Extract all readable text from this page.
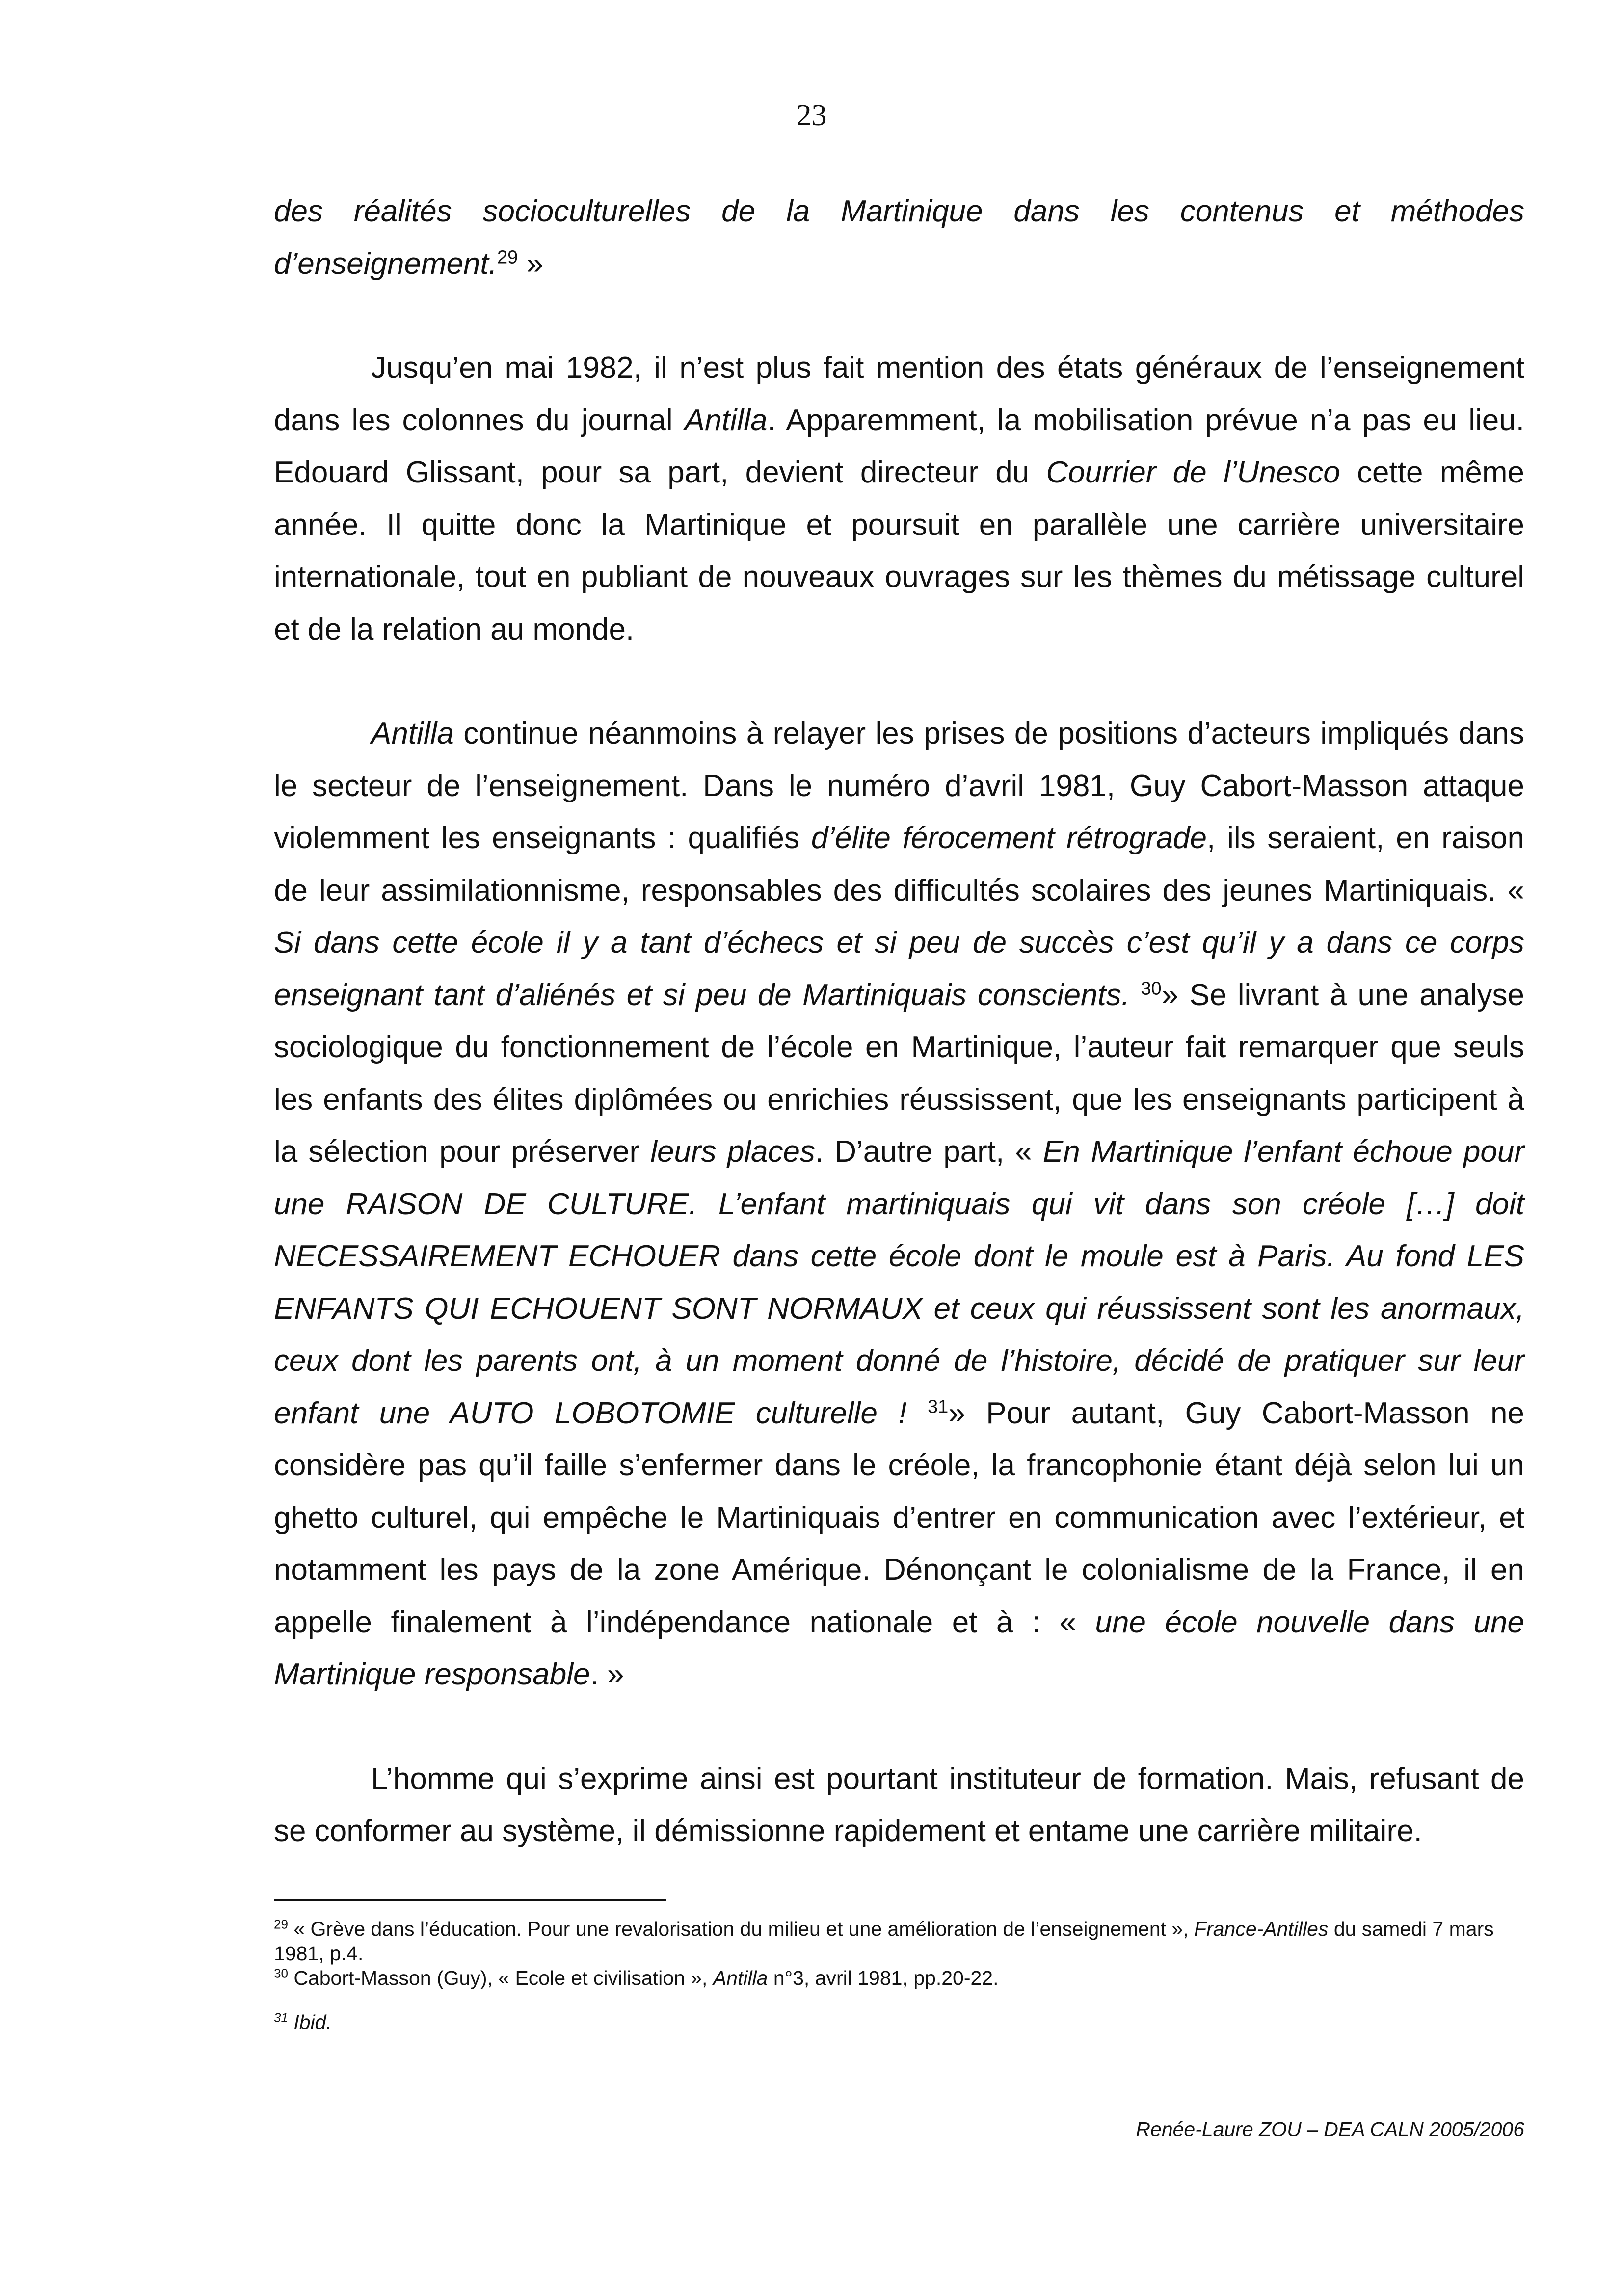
23

des réalités socioculturelles de la Martinique dans les contenus et méthodes d’enseignement.$^{29}$ »

Jusqu’en mai 1982, il n’est plus fait mention des états généraux de l’enseignement dans les colonnes du journal Antilla. Apparemment, la mobilisation prévue n’a pas eu lieu. Edouard Glissant, pour sa part, devient directeur du Courrier de l’Unesco cette même année. Il quitte donc la Martinique et poursuit en parallèle une carrière universitaire internationale, tout en publiant de nouveaux ouvrages sur les thèmes du métissage culturel et de la relation au monde.

Antilla continue néanmoins à relayer les prises de positions d’acteurs impliqués dans le secteur de l’enseignement. Dans le numéro d’avril 1981, Guy Cabort-Masson attaque violemment les enseignants : qualifiés d’élite férocement rétrograde, ils seraient, en raison de leur assimilationnisme, responsables des difficultés scolaires des jeunes Martiniquais. « Si dans cette école il y a tant d’échecs et si peu de succès c’est qu’il y a dans ce corps enseignant tant d’aliénés et si peu de Martiniquais conscients. $^{30}$» Se livrant à une analyse sociologique du fonctionnement de l’école en Martinique, l’auteur fait remarquer que seuls les enfants des élites diplômées ou enrichies réussissent, que les enseignants participent à la sélection pour préserver leurs places. D’autre part, « En Martinique l’enfant échoue pour une RAISON DE CULTURE. L’enfant martiniquais qui vit dans son créole […] doit NECESSAIREMENT ECHOUER dans cette école dont le moule est à Paris. Au fond LES ENFANTS QUI ECHOUENT SONT NORMAUX et ceux qui réussissent sont les anormaux, ceux dont les parents ont, à un moment donné de l’histoire, décidé de pratiquer sur leur enfant une AUTO LOBOTOMIE culturelle ! $^{31}$» Pour autant, Guy Cabort-Masson ne considère pas qu’il faille s’enfermer dans le créole, la francophonie étant déjà selon lui un ghetto culturel, qui empêche le Martiniquais d’entrer en communication avec l’extérieur, et notamment les pays de la zone Amérique. Dénonçant le colonialisme de la France, il en appelle finalement à l’indépendance nationale et à : « une école nouvelle dans une Martinique responsable. »

L’homme qui s’exprime ainsi est pourtant instituteur de formation. Mais, refusant de se conformer au système, il démissionne rapidement et entame une carrière militaire.

$^{29}$ « Grève dans l’éducation. Pour une revalorisation du milieu et une amélioration de l’enseignement », France-Antilles du samedi 7 mars 1981, p.4.

$^{30}$ Cabort-Masson (Guy), « Ecole et civilisation », Antilla n°3, avril 1981, pp.20-22.

$^{31}$ Ibid.

Renée-Laure ZOU – DEA CALN 2005/2006
